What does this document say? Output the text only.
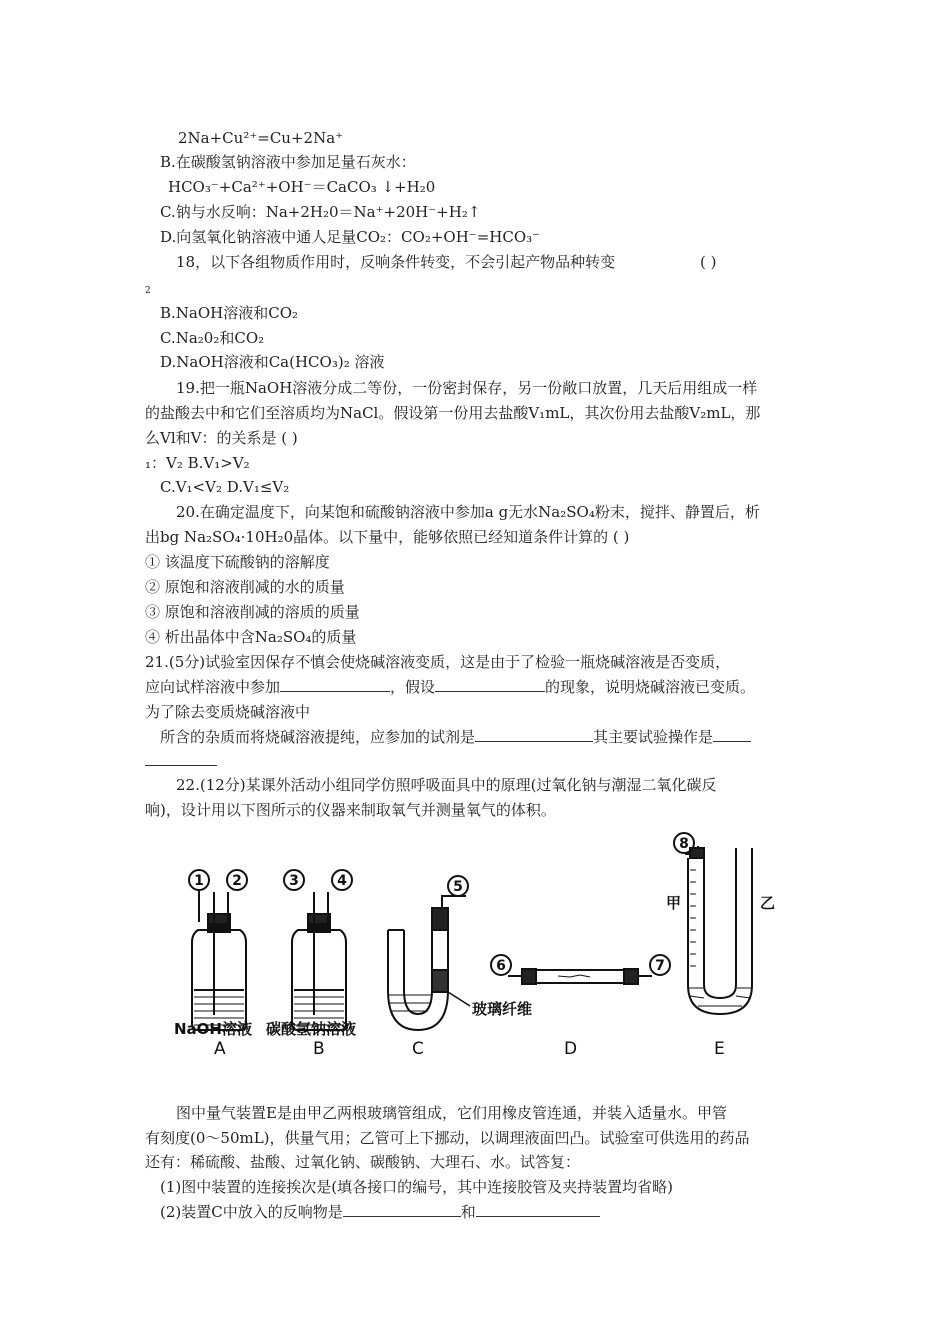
2Na+Cu²⁺=Cu+2Na⁺
B.在碳酸氢钠溶液中参加足量石灰水：
HCO₃⁻+Ca²⁺+OH⁻＝CaCO₃ ↓+H₂0
C.钠与水反响：Na+2H₂0＝Na⁺+20H⁻+H₂↑
D.向氢氧化钠溶液中通人足量CO₂：CO₂+OH⁻=HCO₃⁻
18，以下各组物质作用时，反响条件转变，不会引起产物品种转变	( )
2
B.NaOH溶液和CO₂
C.Na₂0₂和CO₂
D.NaOH溶液和Ca(HCO₃)₂ 溶液
19.把一瓶NaOH溶液分成二等份，一份密封保存，另一份敞口放置，几天后用组成一样
的盐酸去中和它们至溶质均为NaCl。假设第一份用去盐酸V₁mL，其次份用去盐酸V₂mL，那
么Vl和V：的关系是 ( )
₁：V₂ B.V₁>V₂
C.V₁<V₂ D.V₁≤V₂
20.在确定温度下，向某饱和硫酸钠溶液中参加a g无水Na₂SO₄粉末，搅拌、静置后，析
出bg Na₂SO₄·10H₂0晶体。以下量中，能够依照已经知道条件计算的 ( )
① 该温度下硫酸钠的溶解度
② 原饱和溶液削减的水的质量
③ 原饱和溶液削减的溶质的质量
④ 析出晶体中含Na₂SO₄的质量
21.(5分)试验室因保存不慎会使烧碱溶液变质，这是由于了检验一瓶烧碱溶液是否变质，
应向试样溶液中参加	，假设	的现象，说明烧碱溶液已变质。
为了除去变质烧碱溶液中
所含的杂质而将烧碱溶液提纯，应参加的试剂是	其主要试验操作是
22.(12分)某课外活动小组同学仿照呼吸面具中的原理(过氧化钠与潮湿二氧化碳反
响)，设计用以下图所示的仪器来制取氧气并测量氧气的体积。
1 2	3	4	5
6	7
8
NaOH溶液 碳酸氢钠溶液
玻璃纤维
甲	乙
A	B	C	D	E
图中量气装置E是由甲乙两根玻璃管组成，它们用橡皮管连通，并装入适量水。甲管
有刻度(0～50mL)，供量气用；乙管可上下挪动，以调理液面凹凸。试验室可供选用的药品
还有：稀硫酸、盐酸、过氧化钠、碳酸钠、大理石、水。试答复：
(1)图中装置的连接挨次是(填各接口的编号，其中连接胶管及夹持装置均省略)
(2)装置C中放入的反响物是	和
